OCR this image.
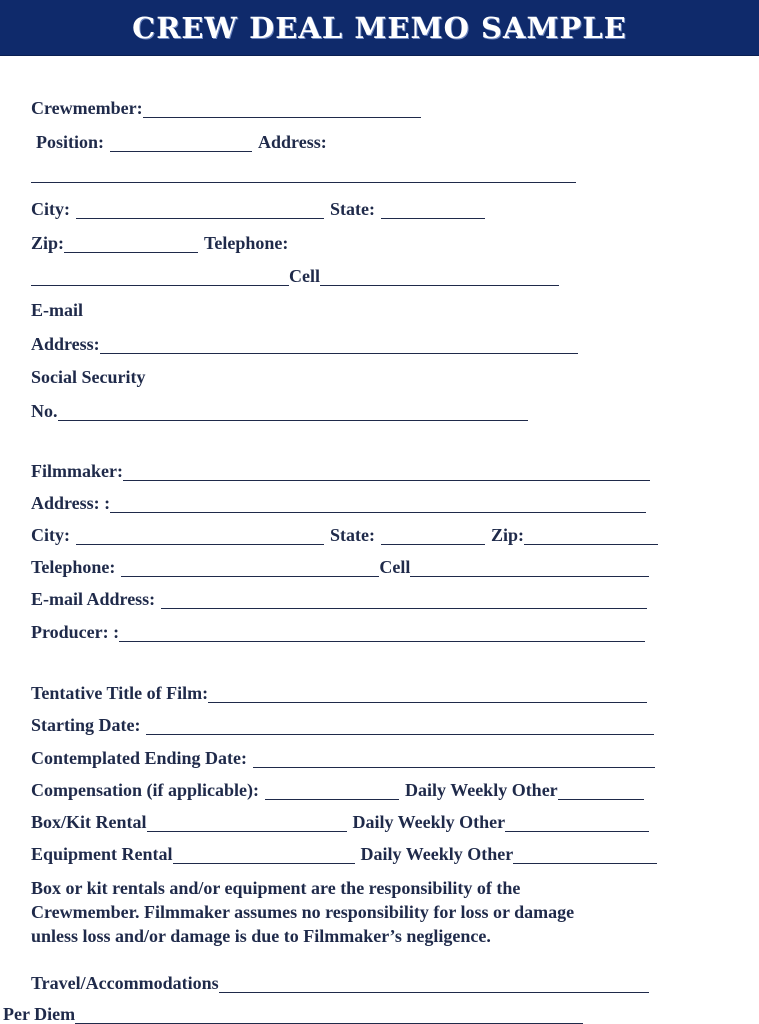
CREW DEAL MEMO SAMPLE
Crewmember:
Position:	Address:
City:	State:
Zip:	Telephone:
Cell
E-mail
Address:
Social Security
No.
Filmmaker:
Address: :
City:	State:	Zip:
Telephone:	Cell
E-mail Address:
Producer: :
Tentative Title of Film:
Starting Date:
Contemplated Ending Date:
Compensation (if applicable):	Daily Weekly Other
Box/Kit Rental	Daily Weekly Other
Equipment Rental	Daily Weekly Other
Box or kit rentals and/or equipment are the responsibility of the
Crewmember. Filmmaker assumes no responsibility for loss or damage
unless loss and/or damage is due to Filmmaker’s negligence.
Travel/Accommodations
Per Diem
